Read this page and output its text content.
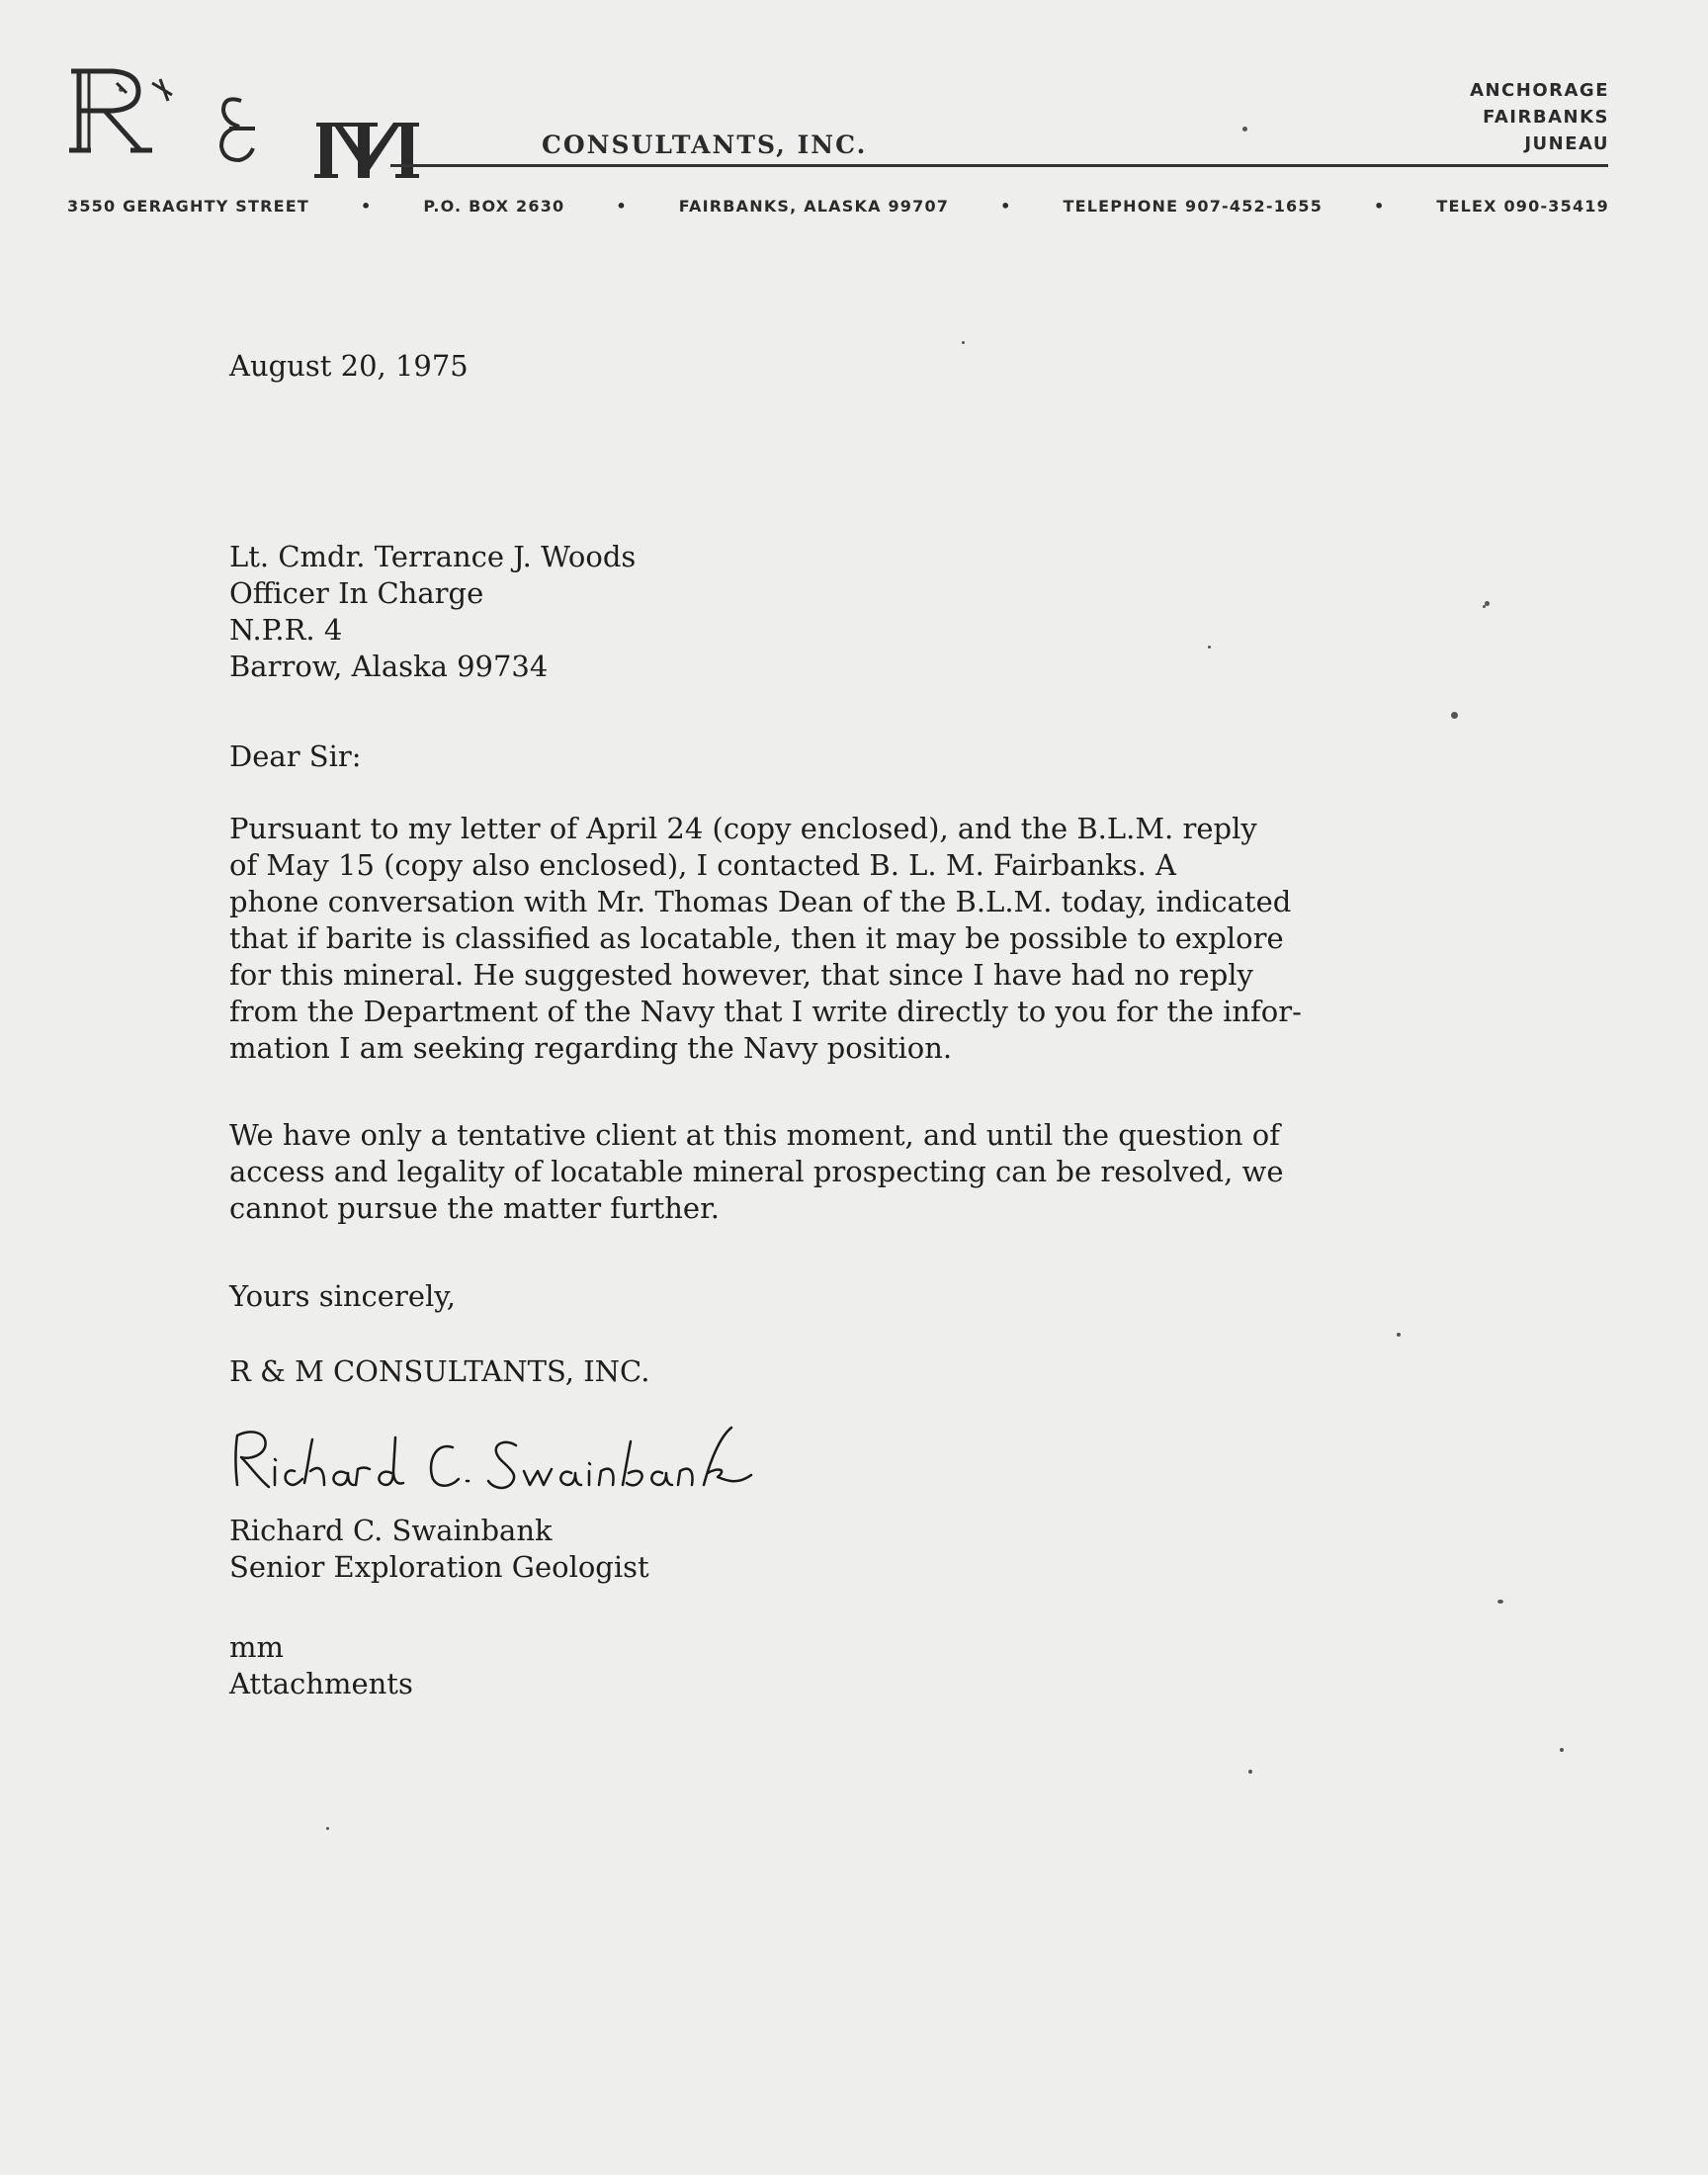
CONSULTANTS, INC.
ANCHORAGE
FAIRBANKS
JUNEAU
3550 GERAGHTY STREET	•	P.O. BOX 2630	•	FAIRBANKS, ALASKA 99707	•	TELEPHONE 907-452-1655	•	TELEX 090-35419
August 20, 1975
Lt. Cmdr. Terrance J. Woods
Officer In Charge
N.P.R. 4
Barrow, Alaska 99734
Dear Sir:
Pursuant to my letter of April 24 (copy enclosed), and the B.L.M. reply
of May 15 (copy also enclosed), I contacted B. L. M. Fairbanks. A
phone conversation with Mr. Thomas Dean of the B.L.M. today, indicated
that if barite is classified as locatable, then it may be possible to explore
for this mineral. He suggested however, that since I have had no reply
from the Department of the Navy that I write directly to you for the infor-
mation I am seeking regarding the Navy position.
We have only a tentative client at this moment, and until the question of
access and legality of locatable mineral prospecting can be resolved, we
cannot pursue the matter further.
Yours sincerely,
R & M CONSULTANTS, INC.
Richard C. Swainbank
Senior Exploration Geologist
mm
Attachments
